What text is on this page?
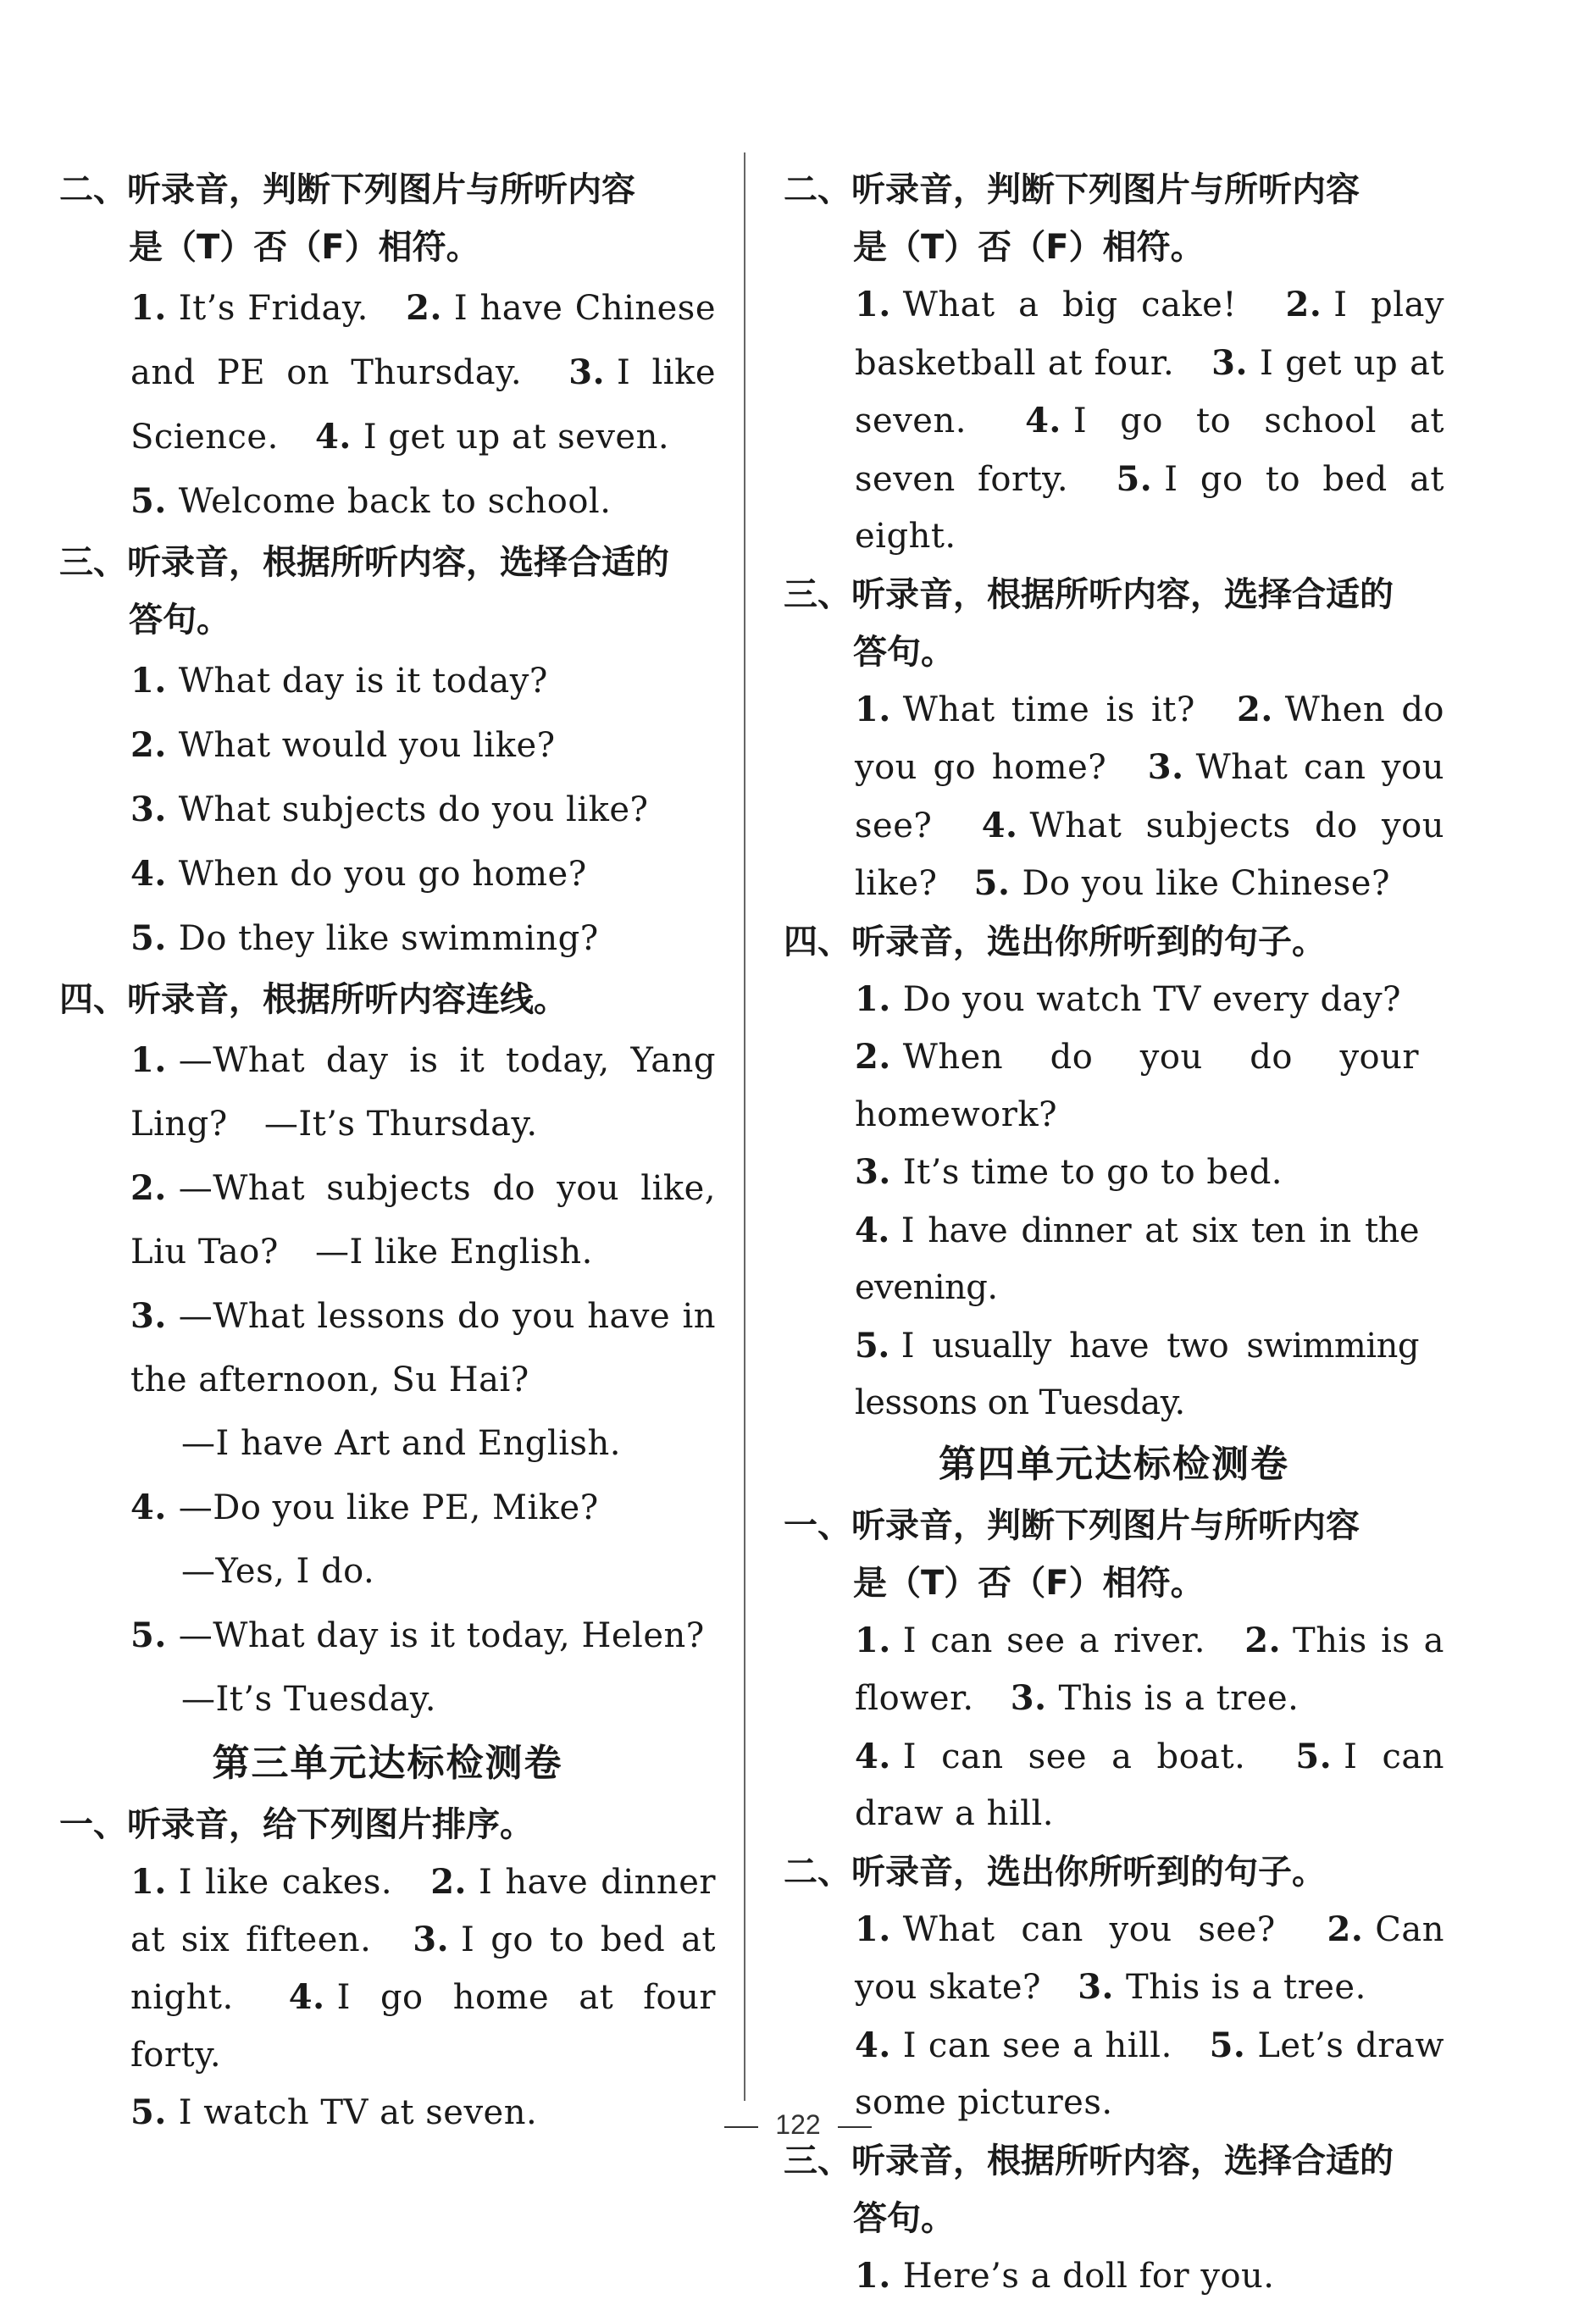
二、听录音，判断下列图片与所听内容
是（T）否（F）相符。
1. It’s Friday. 2. I have Chinese and PE on Thursday. 3. I like Science. 4. I get up at seven.
5. Welcome back to school.
三、听录音，根据所听内容，选择合适的
答句。
1. What day is it today?
2. What would you like?
3. What subjects do you like?
4. When do you go home?
5. Do they like swimming?
四、听录音，根据所听内容连线。
1. —What day is it today, Yang Ling? —It’s Thursday.
2. —What subjects do you like, Liu Tao? —I like English.
3. —What lessons do you have in the afternoon, Su Hai?
—I have Art and English.
4. —Do you like PE, Mike?
—Yes, I do.
5. —What day is it today, Helen?
—It’s Tuesday.
第三单元达标检测卷
一、听录音，给下列图片排序。
1. I like cakes. 2. I have dinner at six fifteen. 3. I go to bed at night. 4. I go home at four forty.
5. I watch TV at seven.
二、听录音，判断下列图片与所听内容
是（T）否（F）相符。
1. What a big cake! 2. I play basketball at four. 3. I get up at seven. 4. I go to school at seven forty. 5. I go to bed at eight.
三、听录音，根据所听内容，选择合适的
答句。
1. What time is it? 2. When do you go home? 3. What can you see? 4. What subjects do you like? 5. Do you like Chinese?
四、听录音，选出你所听到的句子。
1. Do you watch TV every day?
2. When do you do your homework?
3. It’s time to go to bed.
4. I have dinner at six ten in the evening.
5. I usually have two swimming lessons on Tuesday.
第四单元达标检测卷
一、听录音，判断下列图片与所听内容
是（T）否（F）相符。
1. I can see a river. 2. This is a flower. 3. This is a tree.
4. I can see a boat. 5. I can draw a hill.
二、听录音，选出你所听到的句子。
1. What can you see? 2. Can you skate? 3. This is a tree.
4. I can see a hill. 5. Let’s draw some pictures.
三、听录音，根据所听内容，选择合适的
答句。
1. Here’s a doll for you.
122
